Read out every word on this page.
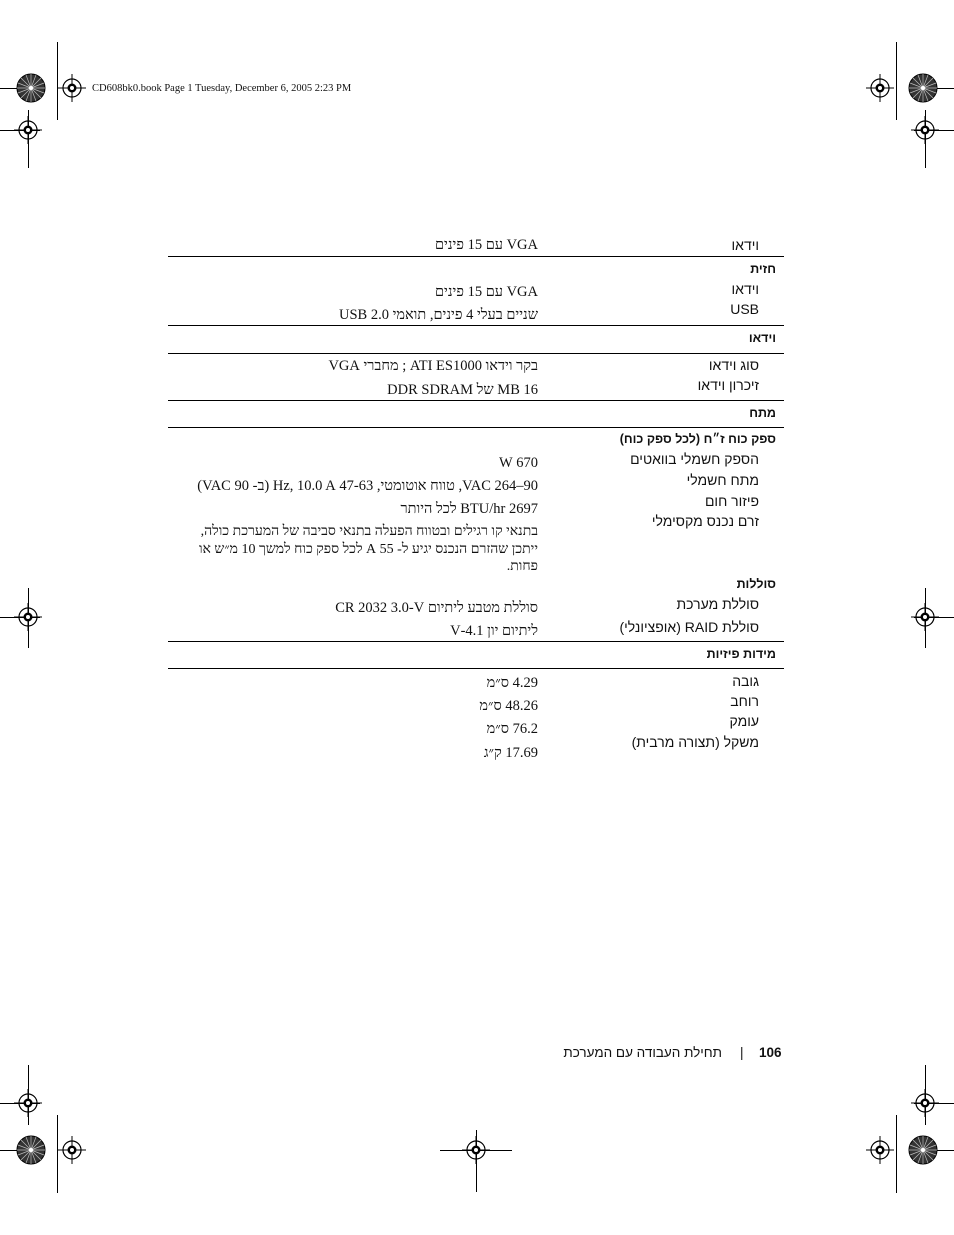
CD608bk0.book Page 1 Tuesday, December 6, 2005 2:23 PM
וידאו
VGA עם 15 פינים
חזית
וידאו
VGA עם 15 פינים
USB
שניים בעלי 4 פינים, תואמי USB 2.0
וידאו
סוג וידאו
בקר וידאו ATI ES1000 ; מחברי VGA
זיכרון וידאו
16 MB של DDR SDRAM
מתח
ספק כוח ז״ח (לכל ספק כוח)
הספק חשמלי בוואטים
670 W
מתח חשמלי
90–264 VAC, טווח אוטומטי, 47-63 Hz, 10.0 A (ב- 90 VAC)
פיזור חום
2697 BTU/hr לכל היותר
זרם נכנס מקסימלי
בתנאי קו רגילים ובטווח הפעלה בתנאי סביבה של המערכת כולה, ייתכן שהזרם הנכנס יגיע ל- 55 A לכל ספק כוח למשך 10 מ״ש או פחות.
סוללות
סוללת מערכת
סוללת מטבע ליתיום CR 2032 3.0-V
סוללת RAID (אופציונלי)
ליתיום יון 4.1-V
מידות פיזיות
גובה
4.29 ס״מ
רוחב
48.26 ס״מ
עומק
76.2 ס״מ
משקל (תצורה מרבית)
17.69 ק״ג
106
|
תחילת העבודה עם המערכת
